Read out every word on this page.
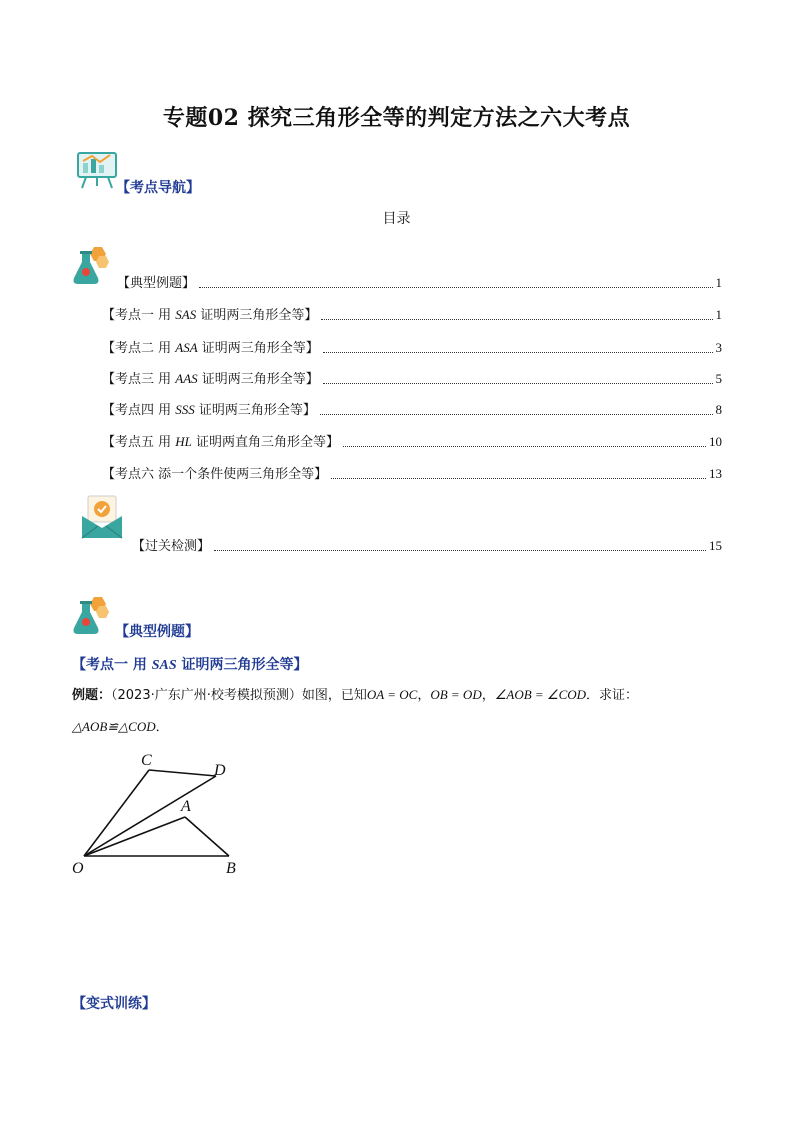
专题02 探究三角形全等的判定方法之六大考点
【考点导航】
目录
【典型例题】	1
【考点一 用 SAS 证明两三角形全等】	1
【考点二 用 ASA 证明两三角形全等】	3
【考点三 用 AAS 证明两三角形全等】	5
【考点四 用 SSS 证明两三角形全等】	8
【考点五 用 HL 证明两直角三角形全等】	10
【考点六 添一个条件使两三角形全等】	13
【过关检测】	15
【典型例题】
【考点一 用 SAS 证明两三角形全等】
例题：（2023·广东广州·校考模拟预测）如图，已知OA = OC，OB = OD，∠AOB = ∠COD．求证：
△AOB≌△COD．
C
D
A
O	B
【变式训练】
